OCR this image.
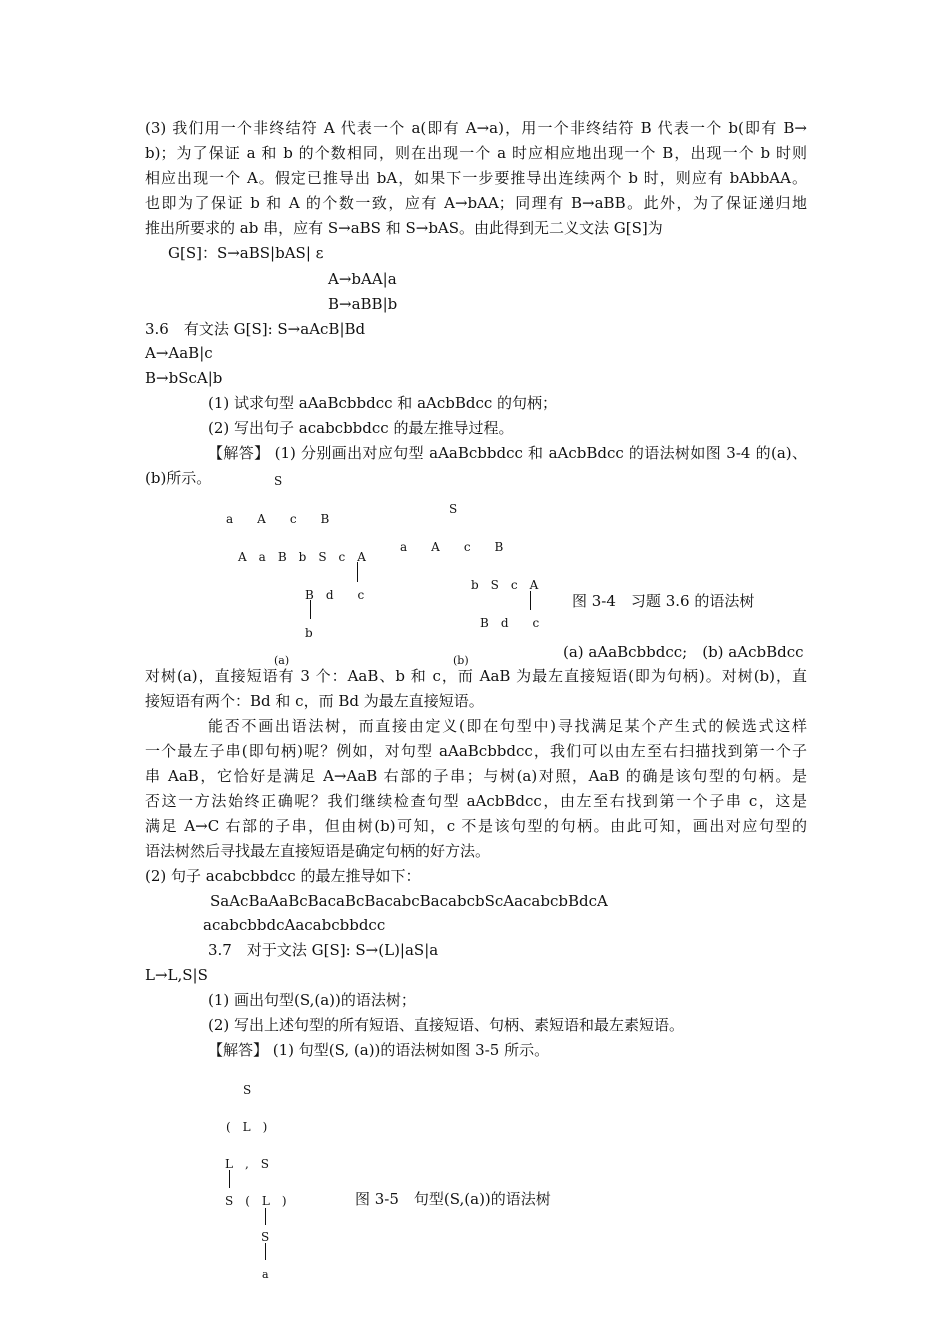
(3) 我们用一个非终结符 A 代表一个 a(即有 A→a)，用一个非终结符 B 代表一个 b(即有 B→
b)；为了保证 a 和 b 的个数相同，则在出现一个 a 时应相应地出现一个 B，出现一个 b 时则
相应出现一个 A。假定已推导出 bA，如果下一步要推导出连续两个 b 时，则应有 bAbbAA。
也即为了保证 b 和 A 的个数一致，应有 A→bAA；同理有 B→aBB。此外，为了保证递归地
推出所要求的 ab 串，应有 S→aBS 和 S→bAS。由此得到无二义文法 G[S]为
G[S]：S→aBS|bAS| ε
A→bAA|a
B→aBB|b
3.6　有文法 G[S]: S→aAcB|Bd
A→AaB|c
B→bScA|b
(1) 试求句型 aAaBcbbdcc 和 aAcbBdcc 的句柄；
(2) 写出句子 acabcbbdcc 的最左推导过程。
【解答】 (1) 分别画出对应句型 aAaBcbbdcc 和 aAcbBdcc 的语法树如图 3-4 的(a)、
(b)所示。	S
a　　A　　c　　B
A　a　B　b　S　c　A
B　d　　c
b
(a)
S
a　　A　　c　　B
b　S　c　A
B　d　　c
(b)
图 3-4　习题 3.6 的语法树
(a) aAaBcbbdcc;　(b) aAcbBdcc
对树(a)，直接短语有 3 个：AaB、b 和 c，而 AaB 为最左直接短语(即为句柄)。对树(b)，直
接短语有两个：Bd 和 c，而 Bd 为最左直接短语。
能否不画出语法树，而直接由定义(即在句型中)寻找满足某个产生式的候选式这样
一个最左子串(即句柄)呢？例如，对句型 aAaBcbbdcc，我们可以由左至右扫描找到第一个子
串 AaB，它恰好是满足 A→AaB 右部的子串；与树(a)对照，AaB 的确是该句型的句柄。是
否这一方法始终正确呢？我们继续检查句型 aAcbBdcc，由左至右找到第一个子串 c，这是
满足 A→C 右部的子串，但由树(b)可知，c 不是该句型的句柄。由此可知，画出对应句型的
语法树然后寻找最左直接短语是确定句柄的好方法。
(2) 句子 acabcbbdcc 的最左推导如下：
SaAcBaAaBcBacaBcBacabcBacabcbScAacabcbBdcA
acabcbbdcAacabcbbdcc
3.7　对于文法 G[S]: S→(L)|aS|a
L→L,S|S
(1) 画出句型(S,(a))的语法树；
(2) 写出上述句型的所有短语、直接短语、句柄、素短语和最左素短语。
【解答】 (1) 句型(S, (a))的语法树如图 3-5 所示。
S
(　L　)
L　,　S
S　(　L　)
S
a
图 3-5　句型(S,(a))的语法树
